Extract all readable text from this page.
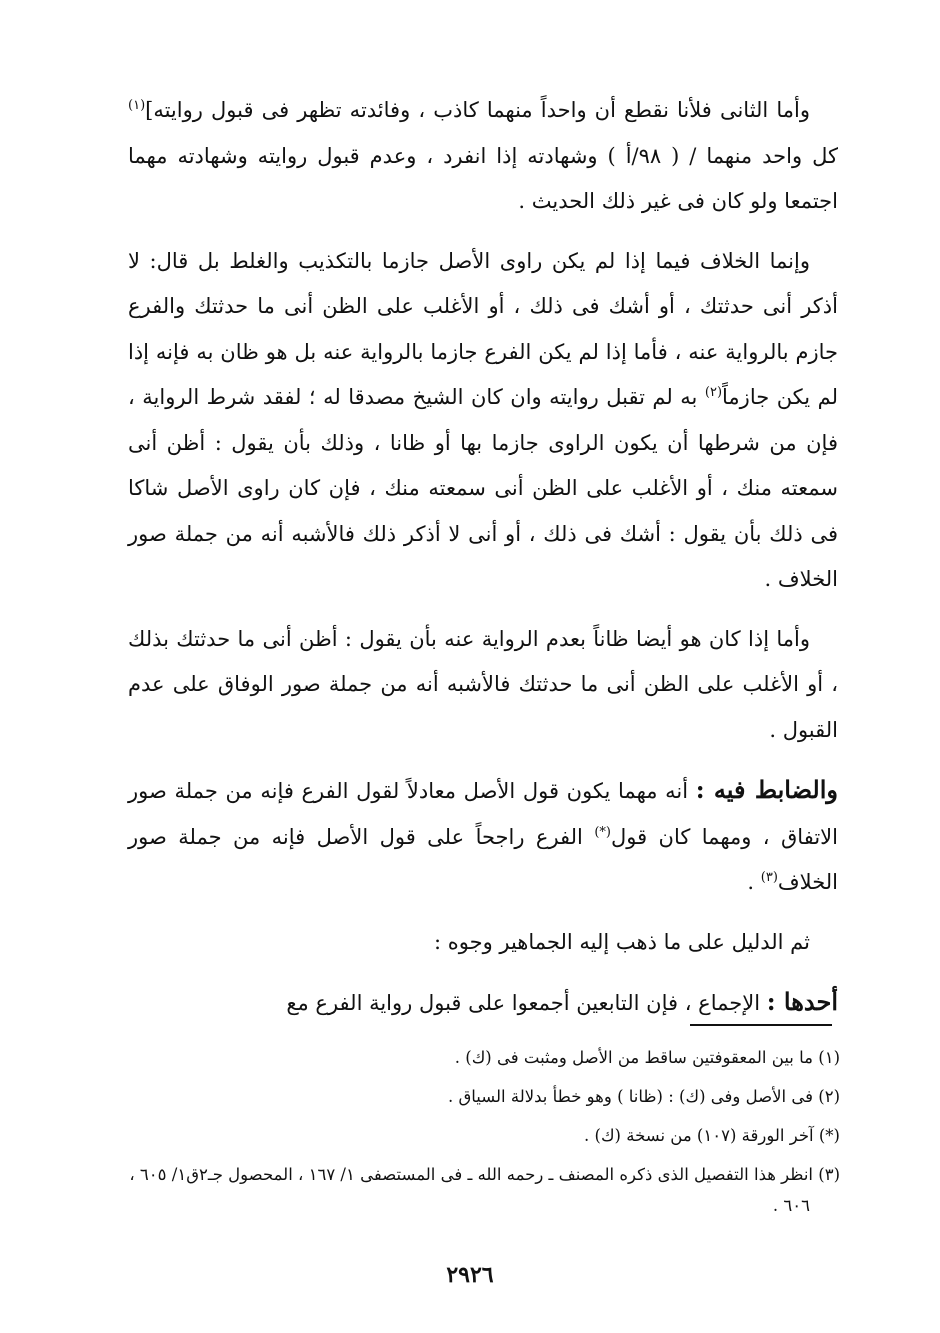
وأما الثانى فلأنا نقطع أن واحداً منهما كاذب ، وفائدته تظهر فى قبول روايته]$^{(١)}$ كل واحد منهما / ( ٩٨/أ ) وشهادته إذا انفرد ، وعدم قبول روايته وشهادته مهما اجتمعا ولو كان فى غير ذلك الحديث .

وإنما الخلاف فيما إذا لم يكن راوى الأصل جازما بالتكذيب والغلط بل قال: لا أذكر أنى حدثتك ، أو أشك فى ذلك ، أو الأغلب على الظن أنى ما حدثتك والفرع جازم بالرواية عنه ، فأما إذا لم يكن الفرع جازما بالرواية عنه بل هو ظان به فإنه إذا لم يكن جازماً$^{(٢)}$ به لم تقبل روايته وان كان الشيخ مصدقا له ؛ لفقد شرط الرواية ، فإن من شرطها أن يكون الراوى جازما بها أو ظانا ، وذلك بأن يقول : أظن أنى سمعته منك ، أو الأغلب على الظن أنى سمعته منك ، فإن كان راوى الأصل شاكا فى ذلك بأن يقول : أشك فى ذلك ، أو أنى لا أذكر ذلك فالأشبه أنه من جملة صور الخلاف .

وأما إذا كان هو أيضا ظاناً بعدم الرواية عنه بأن يقول : أظن أنى ما حدثتك بذلك ، أو الأغلب على الظن أنى ما حدثتك فالأشبه أنه من جملة صور الوفاق على عدم القبول .

والضابط فيه : أنه مهما يكون قول الأصل معادلاً لقول الفرع فإنه من جملة صور الاتفاق ، ومهما كان قول(*) الفرع راجحاً على قول الأصل فإنه من جملة صور الخلاف$^{(٣)}$ .

ثم الدليل على ما ذهب إليه الجماهير وجوه :

أحدها : الإجماع ، فإن التابعين أجمعوا على قبول رواية الفرع مع

(١) ما بين المعقوفتين ساقط من الأصل ومثبت فى (ك) .

(٢) فى الأصل وفى (ك) : (ظانا ) وهو خطأ بدلالة السياق .

(*) آخر الورقة (١٠٧) من نسخة (ك) .

(٣) انظر هذا التفصيل الذى ذكره المصنف ـ رحمه الله ـ فى المستصفى ١/ ١٦٧ ، المحصول جـ٢ق١/ ٦٠٥ ، ٦٠٦ .

٢٩٢٦
